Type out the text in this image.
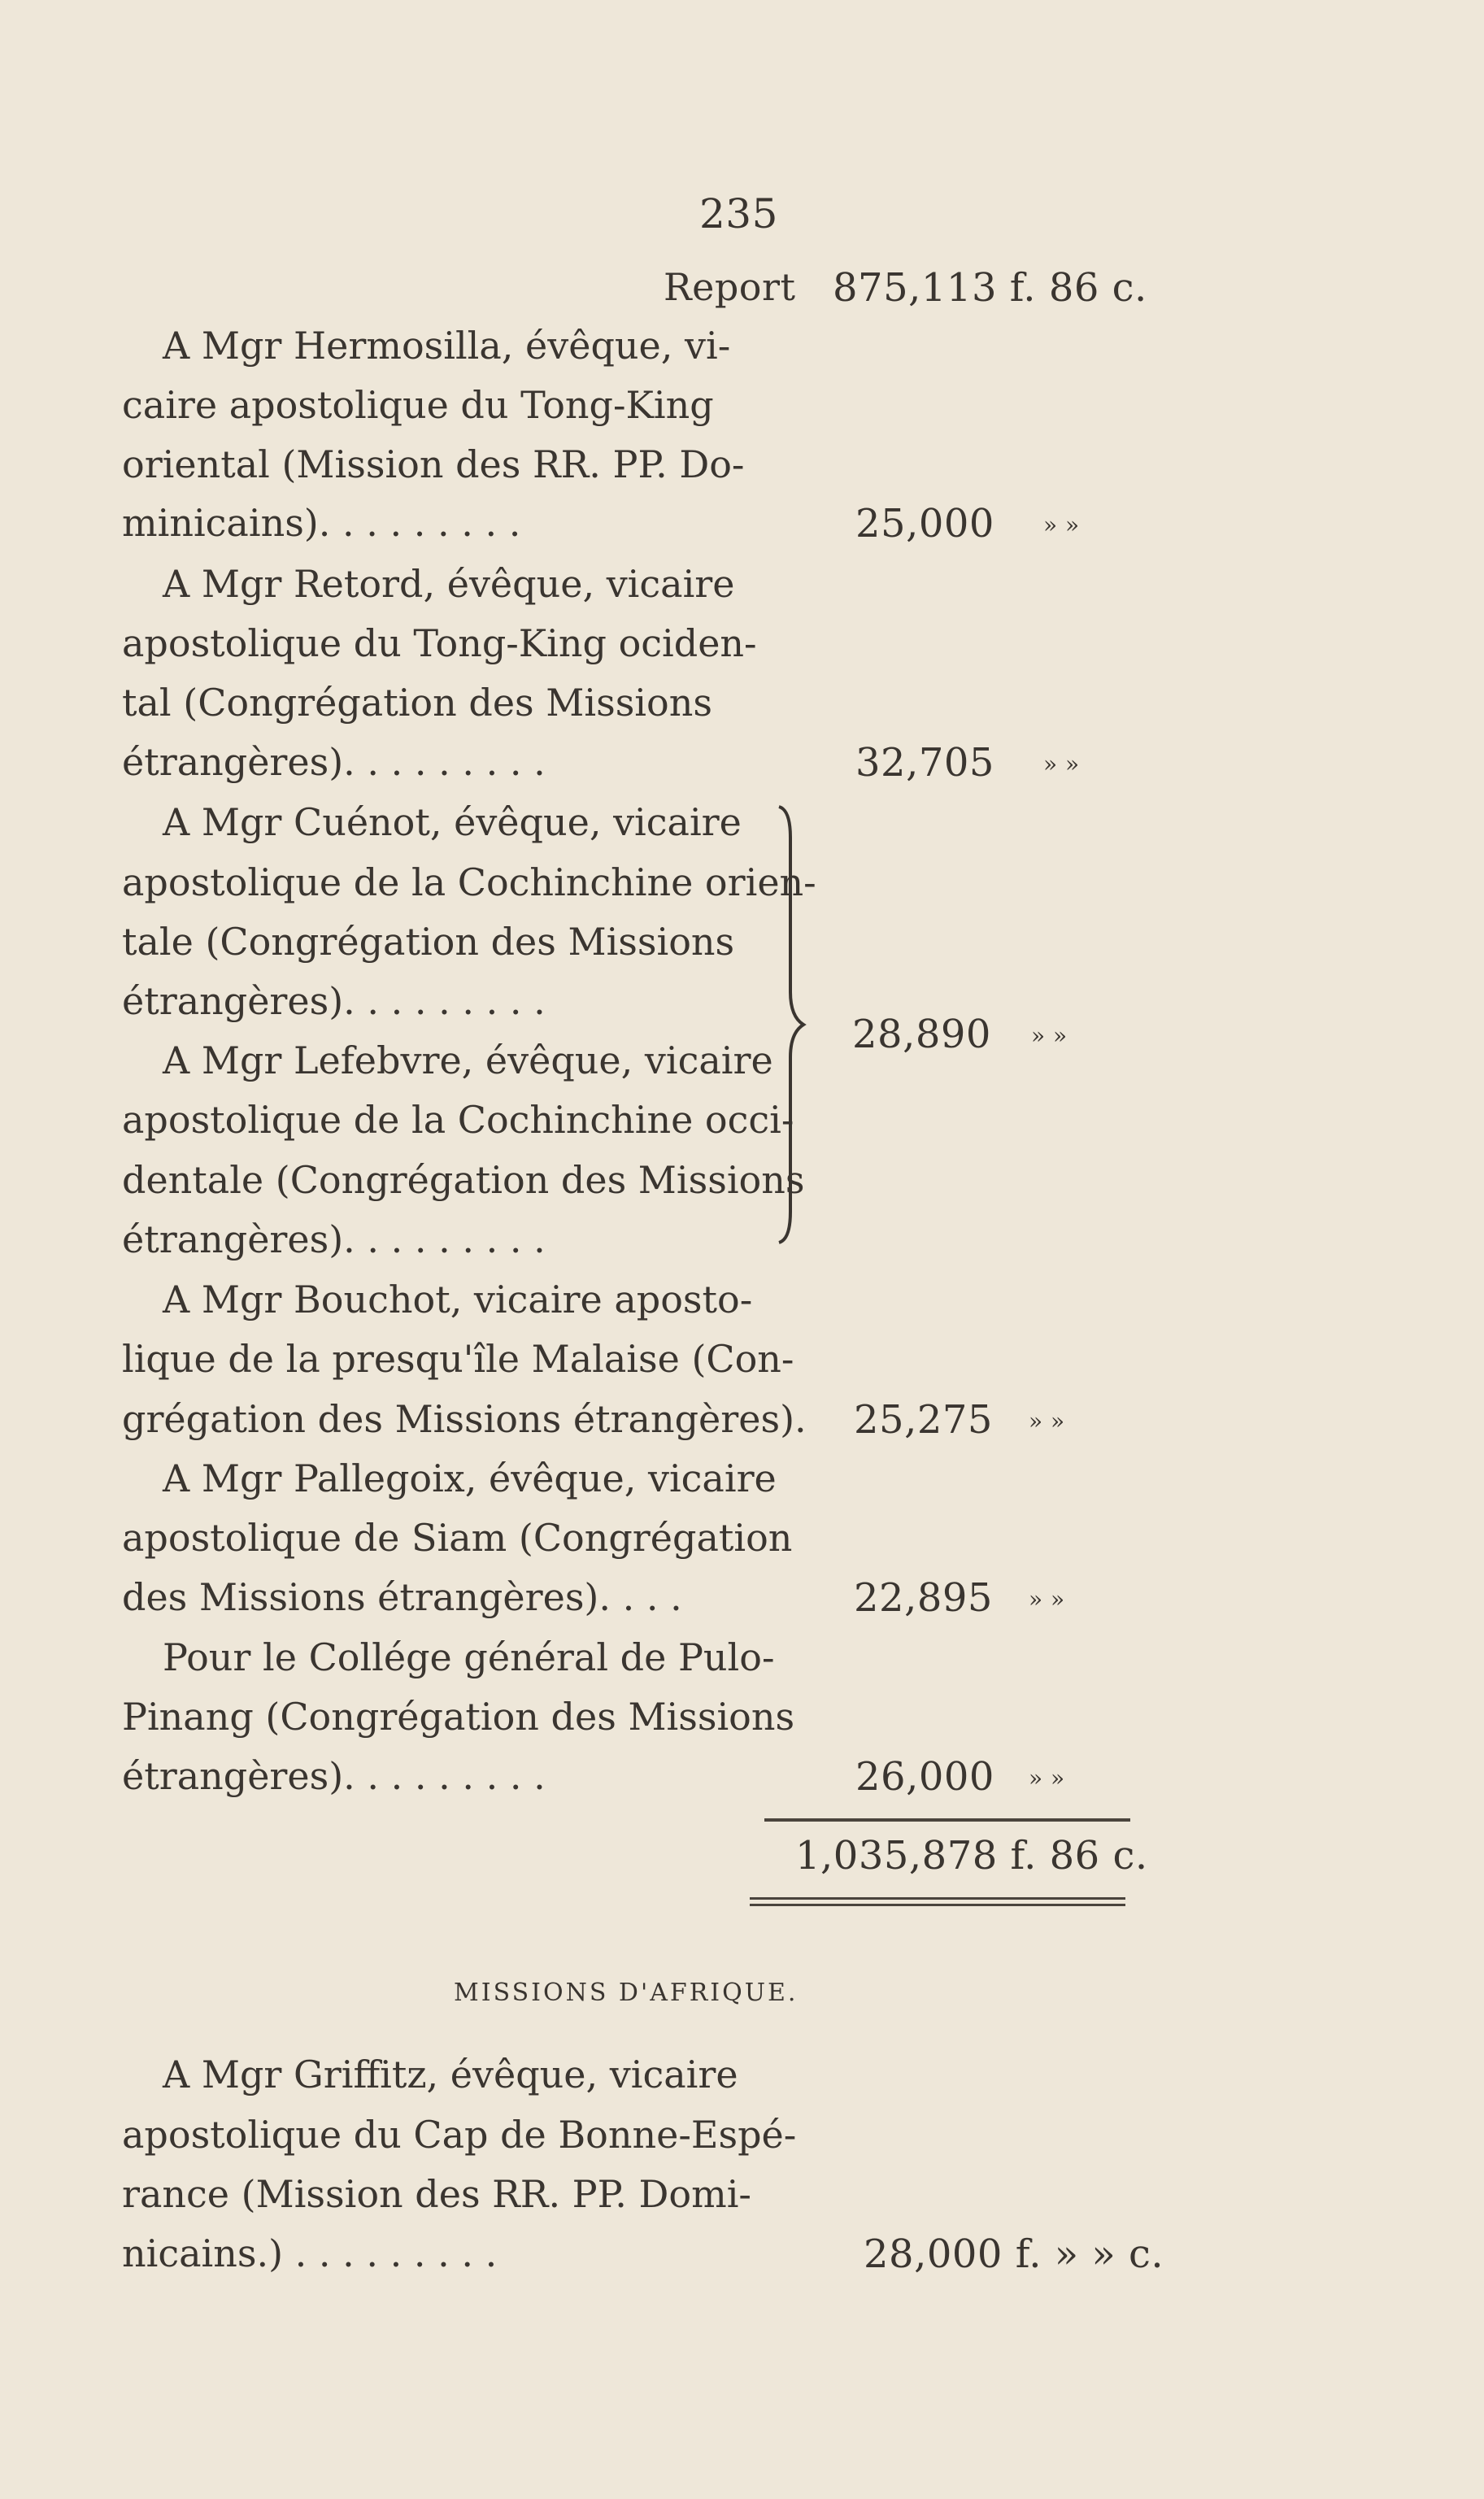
235
Report 875,113 f. 86 c.
A Mgr Hermosilla, évêque, vi-
caire apostolique du Tong-King
oriental (Mission des RR. PP. Do-
minicains). . . . . . . . .	25,000 » »
A Mgr Retord, évêque, vicaire
apostolique du Tong-King ociden-
tal (Congrégation des Missions
étrangères). . . . . . . . .	32,705 » »
A Mgr Cuénot, évêque, vicaire
apostolique de la Cochinchine orien-
tale (Congrégation des Missions
étrangères). . . . . . . . .
A Mgr Lefebvre, évêque, vicaire
apostolique de la Cochinchine occi-
dentale (Congrégation des Missions
étrangères). . . . . . . . .
28,890 » »
A Mgr Bouchot, vicaire aposto-
lique de la presqu'île Malaise (Con-
grégation des Missions étrangères). 25,275 » »
A Mgr Pallegoix, évêque, vicaire
apostolique de Siam (Congrégation
des Missions étrangères). . . .	22,895 » »
Pour le Collége général de Pulo-
Pinang (Congrégation des Missions
étrangères). . . . . . . . .	26,000 » »
1,035,878 f. 86 c.
MISSIONS D'AFRIQUE.
A Mgr Griffitz, évêque, vicaire
apostolique du Cap de Bonne-Espé-
rance (Mission des RR. PP. Domi-
nicains.) . . . . . . . . .	28,000 f. » » c.
